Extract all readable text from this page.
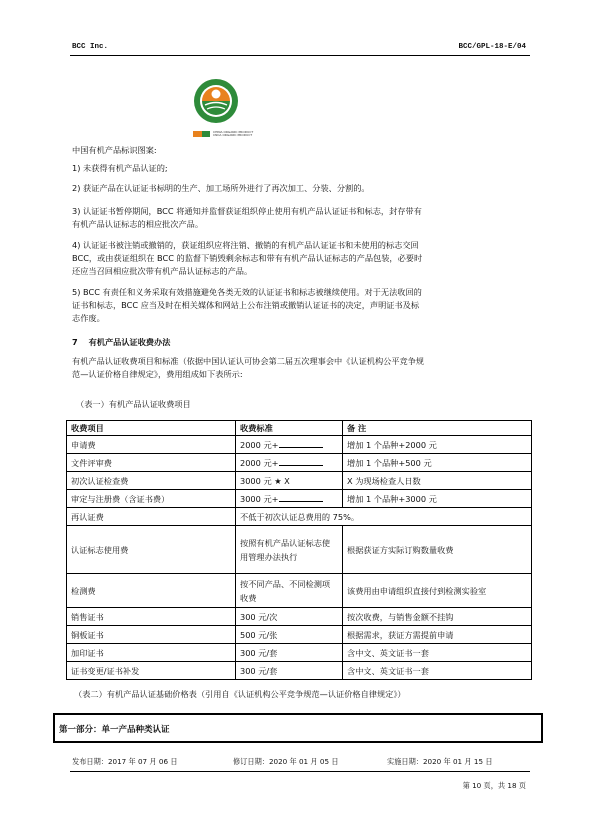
BCC Inc.	BCC/GPL-18-E/04
CHINA ORGANIC PRODUCT
CNCA ORGANIC PRODUCT
中国有机产品标识图案:
1) 未获得有机产品认证的;
2) 获证产品在认证证书标明的生产、加工场所外进行了再次加工、分装、分割的。
3) 认证证书暂停期间，BCC 将通知并监督获证组织停止使用有机产品认证证书和标志，封存带有
有机产品认证标志的相应批次产品。
4) 认证证书被注销或撤销的，获证组织应将注销、撤销的有机产品认证证书和未使用的标志交回
BCC，或由获证组织在 BCC 的监督下销毁剩余标志和带有有机产品认证标志的产品包装，必要时
还应当召回相应批次带有机产品认证标志的产品。
5) BCC 有责任和义务采取有效措施避免各类无效的认证证书和标志被继续使用。对于无法收回的
证书和标志，BCC 应当及时在相关媒体和网站上公布注销或撤销认证证书的决定，声明证书及标
志作废。
7 有机产品认证收费办法
有机产品认证收费项目和标准（依据中国认证认可协会第二届五次理事会中《认证机构公平竞争规
范—认证价格自律规定》，费用组成如下表所示:
（表一）有机产品认证收费项目
收费项目	收费标准	备 注
申请费	2000 元+	增加 1 个品种+2000 元
文件评审费	2000 元+	增加 1 个品种+500 元
初次认证检查费	3000 元 ★ X	X 为现场检查人日数
审定与注册费（含证书费）	3000 元+	增加 1 个品种+3000 元
再认证费	不低于初次认证总费用的 75%。	
认证标志使用费	按照有机产品认证标志使用管理办法执行	根据获证方实际订购数量收费
检测费	按不同产品、不同检测项收费	该费用由申请组织直接付到检测实验室
销售证书	300 元/次	按次收费，与销售金额不挂钩
铜板证书	500 元/张	根据需求，获证方需提前申请
加印证书	300 元/套	含中文、英文证书一套
证书变更/证书补发	300 元/套	含中文、英文证书一套
（表二）有机产品认证基础价格表（引用自《认证机构公平竞争规范—认证价格自律规定》）
第一部分：单一产品种类认证
发布日期：2017 年 07 月 06 日	修订日期：2020 年 01 月 05 日	实施日期：2020 年 01 月 15 日
第 10 页，共 18 页
